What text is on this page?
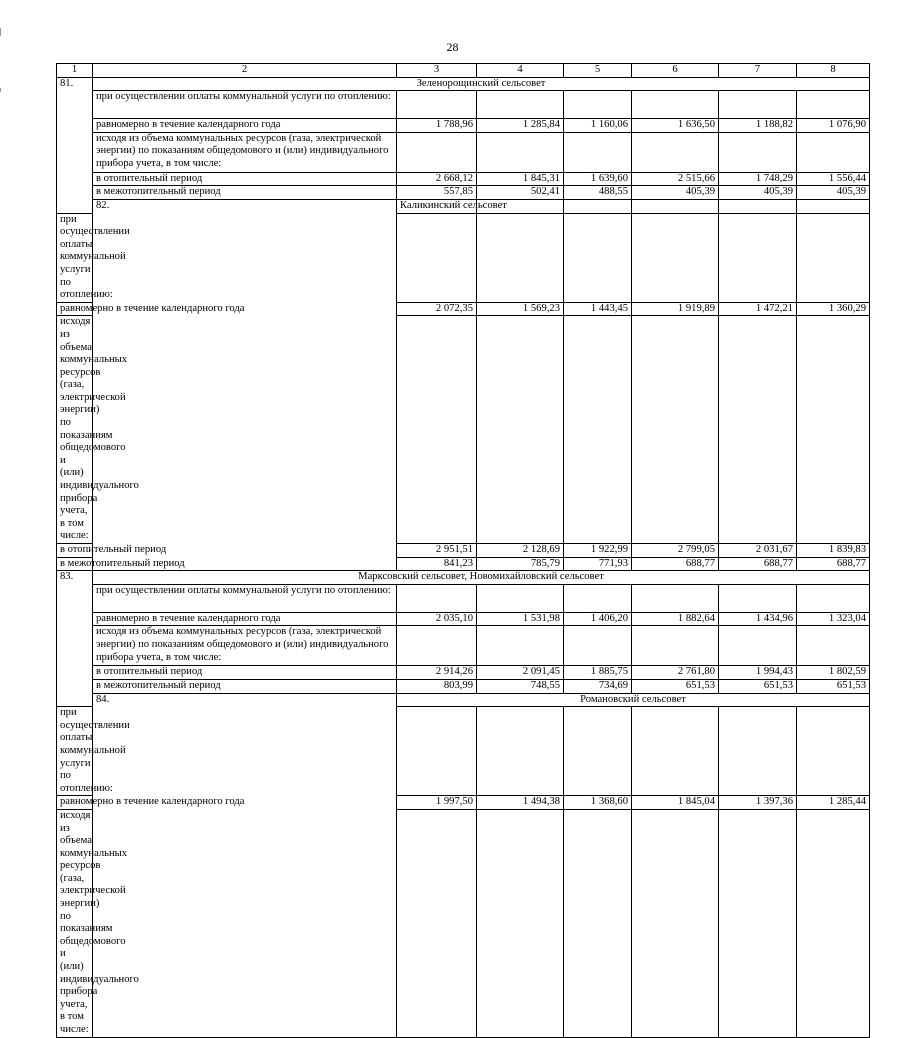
28
1	2	3	4	5	6	7	8	
81.	Зеленорощинский сельсовет							
	при осуществлении оплаты коммунальной услуги по отоплению:							
	равномерно в течение календарного года	1 788,96	1 285,84	1 160,06	1 636,50	1 188,82	1 076,90	
	исходя из объема коммунальных ресурсов (газа, электрической энергии) по показаниям общедомового и (или) индивидуального прибора учета, в том числе:							
	в отопительный период	2 668,12	1 845,31	1 639,60	2 515,66	1 748,29	1 556,44	
	в межотопительный период	557,85	502,41	488,55	405,39	405,39	405,39	
	82.	Каликинский сельсовет						
при осуществлении оплаты коммунальной услуги по отоплению:								
равномерно в течение календарного года		2 072,35	1 569,23	1 443,45	1 919,89	1 472,21	1 360,29	
исходя из объема коммунальных ресурсов (газа, электрической энергии) по показаниям общедомового и (или) индивидуального прибора учета, в том числе:								
в отопительный период		2 951,51	2 128,69	1 922,99	2 799,05	2 031,67	1 839,83	
в межотопительный период		841,23	785,79	771,93	688,77	688,77	688,77	
83.	Марксовский сельсовет, Новомихайловский сельсовет							
	при осуществлении оплаты коммунальной услуги по отоплению:							
	равномерно в течение календарного года	2 035,10	1 531,98	1 406,20	1 882,64	1 434,96	1 323,04	
	исходя из объема коммунальных ресурсов (газа, электрической энергии) по показаниям общедомового и (или) индивидуального прибора учета, в том числе:							
	в отопительный период	2 914,26	2 091,45	1 885,75	2 761,80	1 994,43	1 802,59	
	в межотопительный период	803,99	748,55	734,69	651,53	651,53	651,53	
	84.	Романовский сельсовет						
при осуществлении оплаты коммунальной услуги по отоплению:								
равномерно в течение календарного года		1 997,50	1 494,38	1 368,60	1 845,04	1 397,36	1 285,44	
исходя из объема коммунальных ресурсов (газа, электрической энергии) по показаниям общедомового и (или) индивидуального прибора учета, в том числе:								
